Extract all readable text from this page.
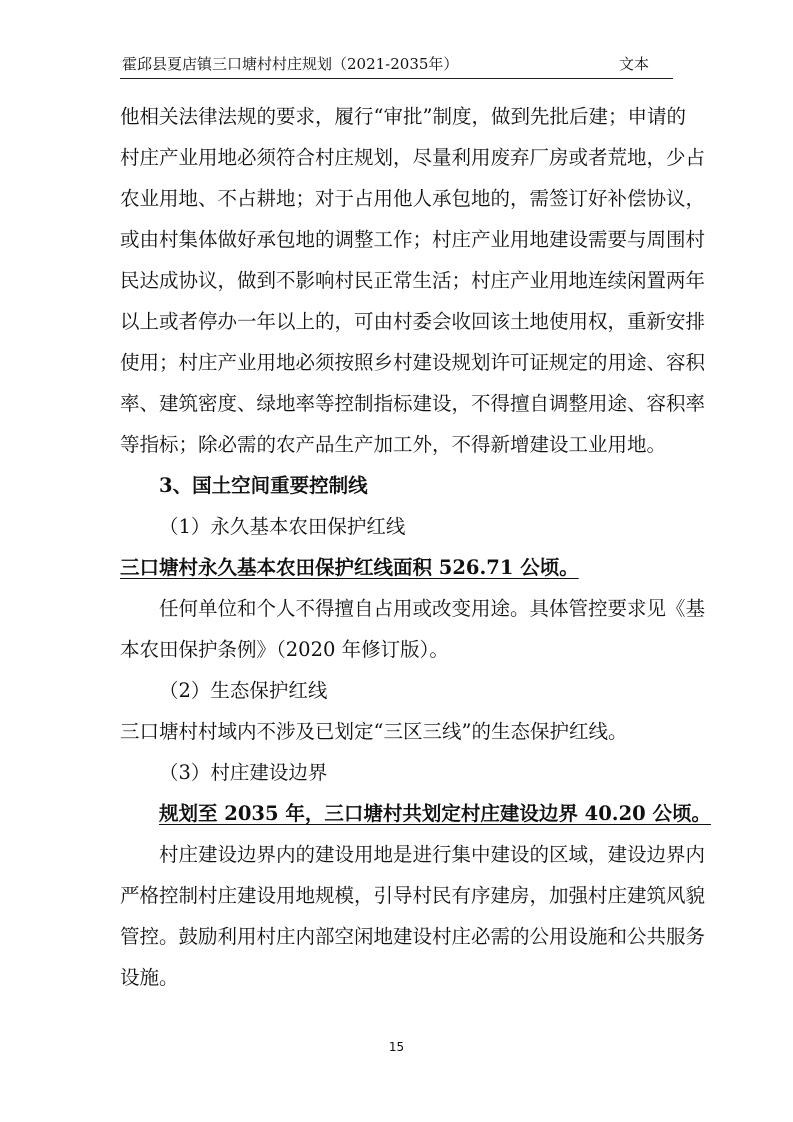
霍邱县夏店镇三口塘村村庄规划（2021-2035年）	文本

他相关法律法规的要求，履行“审批”制度，做到先批后建；申请的

村庄产业用地必须符合村庄规划，尽量利用废弃厂房或者荒地，少占

农业用地、不占耕地；对于占用他人承包地的，需签订好补偿协议，

或由村集体做好承包地的调整工作；村庄产业用地建设需要与周围村

民达成协议，做到不影响村民正常生活；村庄产业用地连续闲置两年

以上或者停办一年以上的，可由村委会收回该土地使用权，重新安排

使用；村庄产业用地必须按照乡村建设规划许可证规定的用途、容积

率、建筑密度、绿地率等控制指标建设，不得擅自调整用途、容积率

等指标；除必需的农产品生产加工外，不得新增建设工业用地。

3、国土空间重要控制线

（1）永久基本农田保护红线

三口塘村永久基本农田保护红线面积 526.71 公顷。

任何单位和个人不得擅自占用或改变用途。具体管控要求见《基

本农田保护条例》（2020 年修订版）。

（2）生态保护红线

三口塘村村域内不涉及已划定“三区三线”的生态保护红线。

（3）村庄建设边界

规划至 2035 年，三口塘村共划定村庄建设边界 40.20 公顷。

村庄建设边界内的建设用地是进行集中建设的区域，建设边界内

严格控制村庄建设用地规模，引导村民有序建房，加强村庄建筑风貌

管控。鼓励利用村庄内部空闲地建设村庄必需的公用设施和公共服务

设施。

15
